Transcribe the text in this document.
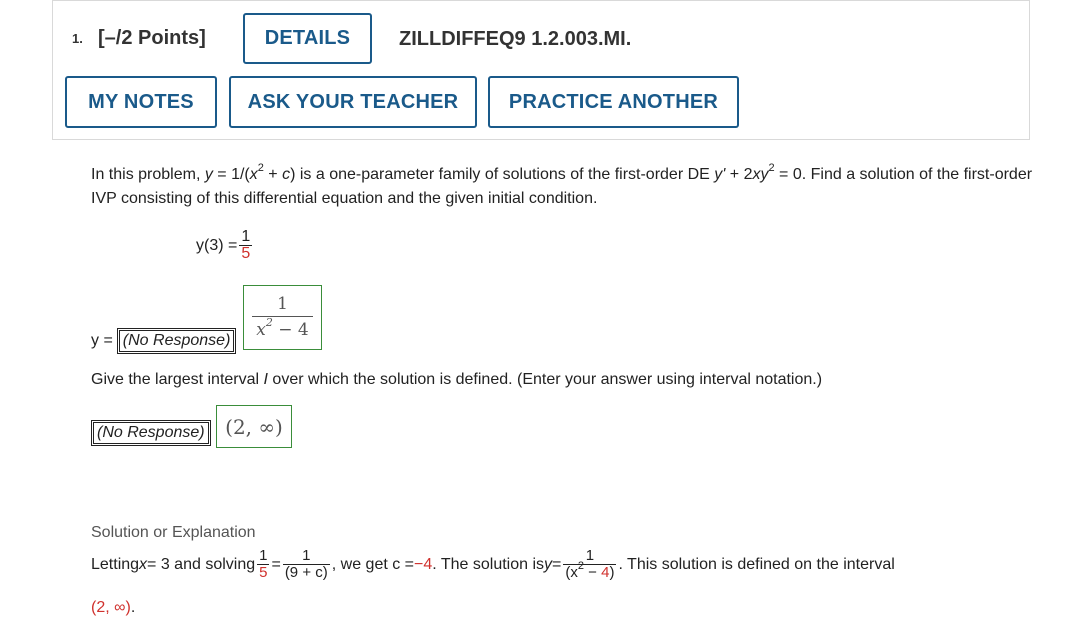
1. [–/2 Points]	DETAILS	ZILLDIFFEQ9 1.2.003.MI.
MY NOTES	ASK YOUR TEACHER	PRACTICE ANOTHER
In this problem, $y = 1/(x^2 + c)$ is a one-parameter family of solutions of the first-order DE $y' + 2xy^2 = 0$. Find a solution of the first-order IVP consisting of this differential equation and the given initial condition.
$y(3) = \frac{1}{5}$
$\frac{1}{x^2 - 4}$
y = (No Response)
Give the largest interval I over which the solution is defined. (Enter your answer using interval notation.)
(No Response)	(2, ∞)
Solution or Explanation
Letting x = 3 and solving $\frac{1}{5} = \frac{1}{(9 + c)}$ , we get c = −4 . The solution is $y = \frac{1}{(x^2 - 4)}$ . This solution is defined on the interval
(2, ∞).
